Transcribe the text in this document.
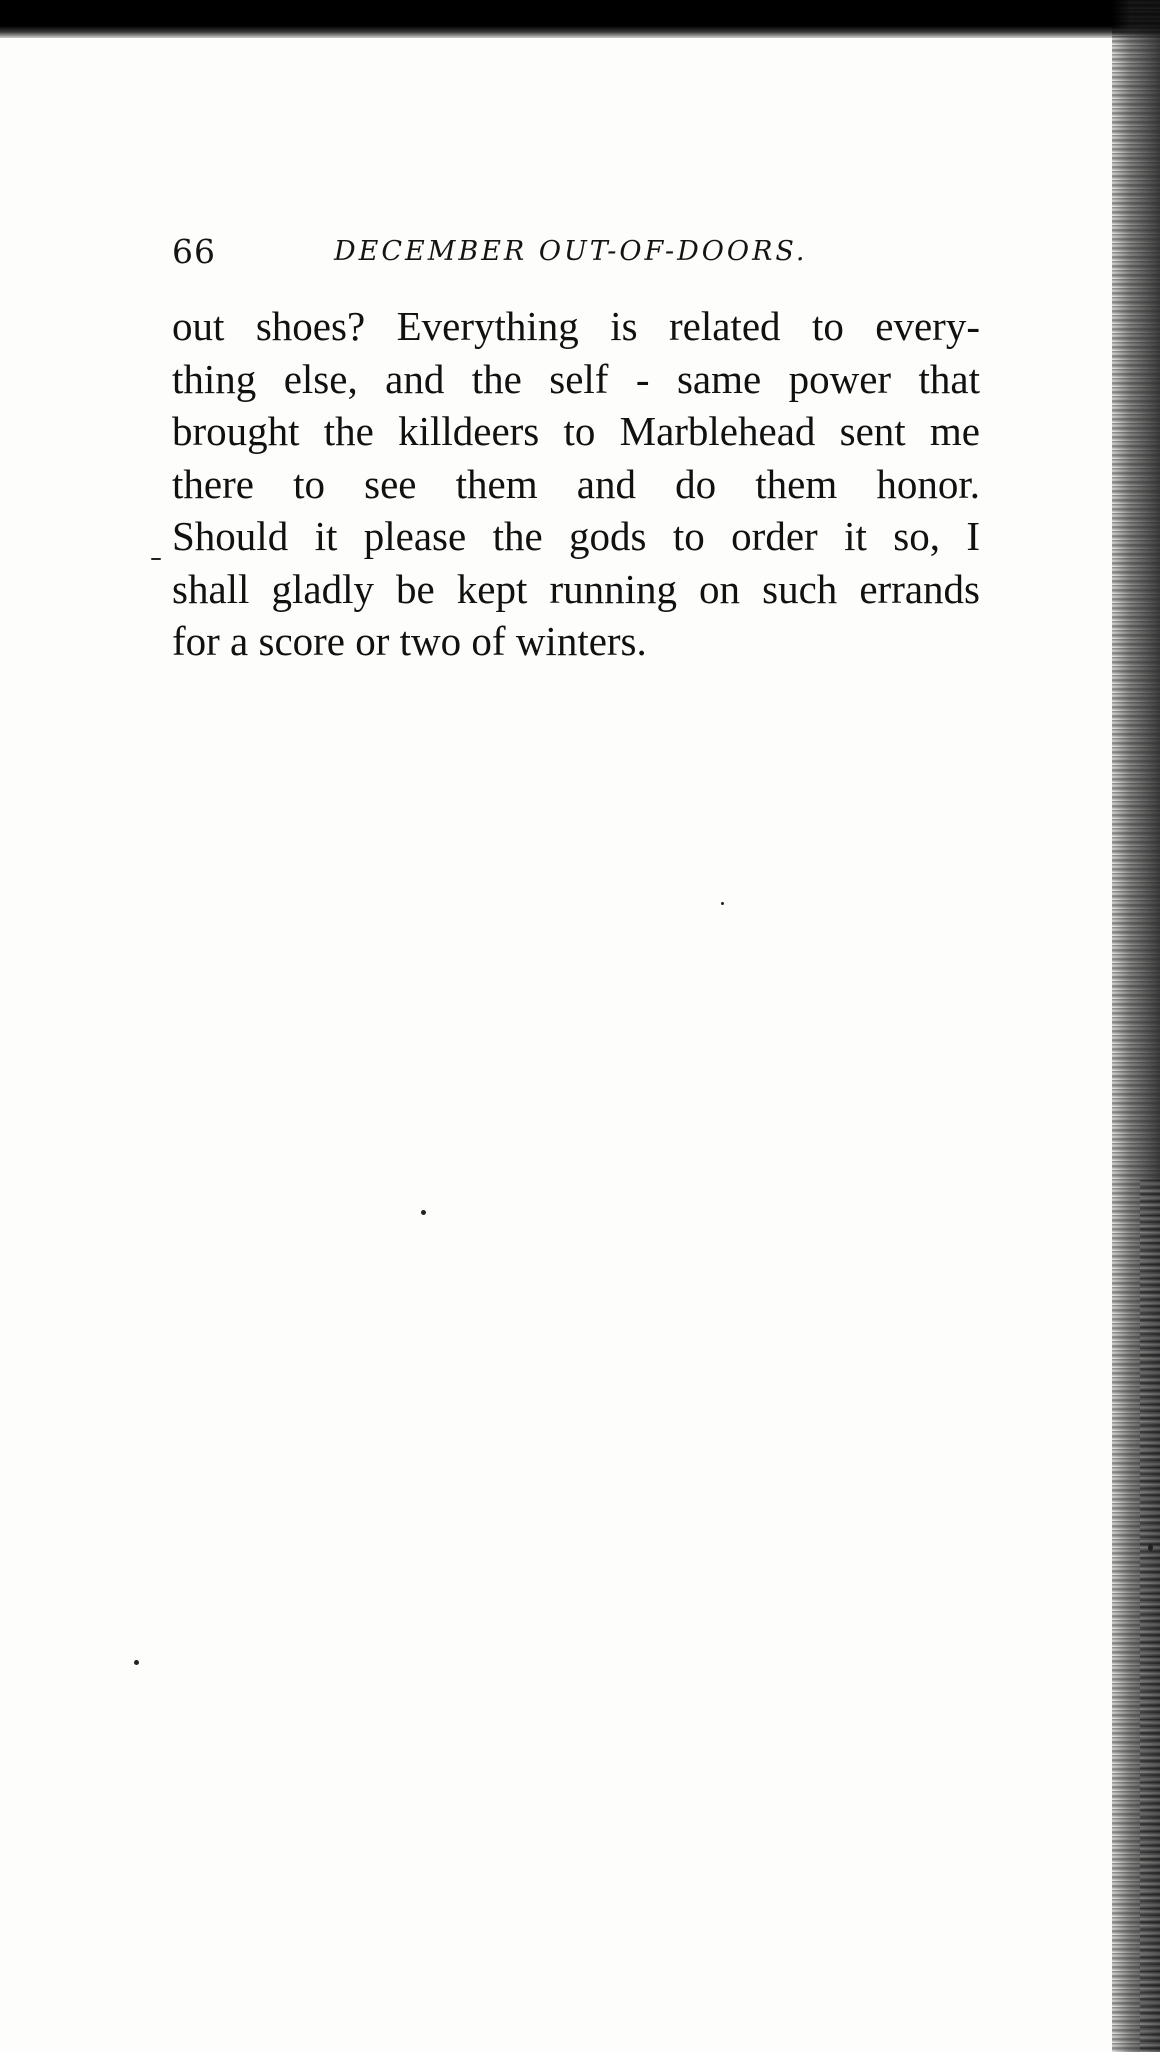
66	DECEMBER OUT-OF-DOORS.
out shoes? Everything is related to every-
thing else, and the self - same power that
brought the killdeers to Marblehead sent me
there to see them and do them honor.
Should it please the gods to order it so, I
shall gladly be kept running on such errands
for a score or two of winters.
